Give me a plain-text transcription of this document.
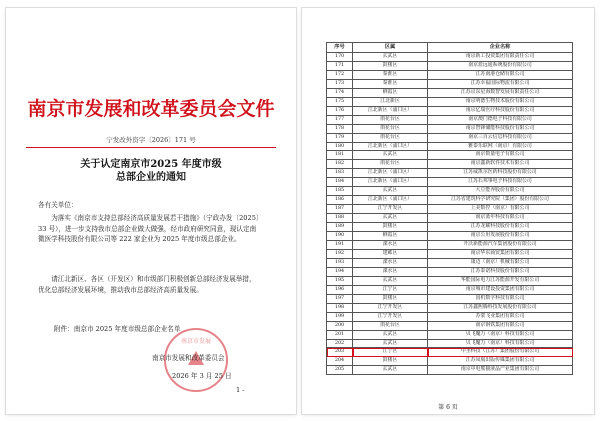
南京市发展和改革委员会文件
宁发改外资字〔2026〕171 号
关于认定南京市2025 年度市级
总部企业的通知
各有关单位：
为落实《南京市支持总部经济高质量发展若干措施》（宁政办发〔2025〕33 号），进一步支持我市总部企业做大做强，经市政府研究同意，现认定南微医学科技股份有限公司等 222 家企业为 2025 年度市级总部企业。
请江北新区、各区（开发区）和市级部门积极创新总部经济发展举措，优化总部经济发展环境，推动我市总部经济高质量发展。
附件：南京市 2025 年度市级总部企业名单
南京市发展
南京市发展和改革委员会
2026 年 3 月 25 日
1 -
序号	区属	企业名称
170	玄武区	南京新工投资集团有限责任公司
171	鼓楼区	南京蓝远通系统股份有限公司
172	秦淮区	江苏南港仓储有限公司
173	秦淮区	江苏幸福国际物流有限公司
174	栖霞区	江苏京东星海数智发展有限责任公司
175	江北新区	南京明德生物技术股份有限公司
176	江北新区（浦口区）	南京亿瑞医疗科技股份有限公司
177	雨花台区	南京澳门德电子科技有限公司
178	雨花台区	南京智锋储能科技股份有限公司
179	雨花台区	南京三百云信息科技有限公司
180	江北新区（浦口区）	雅泰乐联网（南京）有限公司
181	玄武区	南京数量电子有限公司
182	雨花台区	南京鑫新软件技术有限公司
183	江北新区（浦口区）	江苏威凯尔医药科技股份有限公司
184	江北新区（浦口区）	江苏石邦事电子科技有限公司
185	玄武区	大豆能养股份有限公司
186	江北新区（浦口区）	江苏省建筑科学研究院（集团）股份有限公司
187	江宁开发区	上美数控（南京）有限公司
188	玄武区	南京蓝年科技有限公司
189	鼓楼区	江苏龙耀科技股份有限公司
190	栖霞区	南京公用发展股份有限公司
191	溧水区	开沃新能源汽车集团股份有限公司
192	建邺区	南京华东商贸集团有限公司
193	溧水区	康迈（南京）机械有限公司
194	溧水区	江苏泰诺科技股份有限公司
195	玄武区	华能国际电力江苏能源开发有限公司
196	江宁区	南京城市建设投资集团有限公司
197	鼓楼区	国机数字科技有限公司
198	江宁开发区	江苏鑫熙腾科技发展股份有限公司
199	江宁开发区	苏蒙飞业集团有限公司
200	雨花台区	南京钢铁集团有限公司
201	玄武区	贝飞魔力（南京）科技有限公司
202	玄武区	贝飞魔力（南京）科技有限公司
203	江宁区	中圣科技（江苏）集团股份有限公司
204	鼓楼区	江苏凤凰出版传媒集团有限公司
205	玄武区	南京中电熊猫液晶产业集团有限公司
第 6 页
